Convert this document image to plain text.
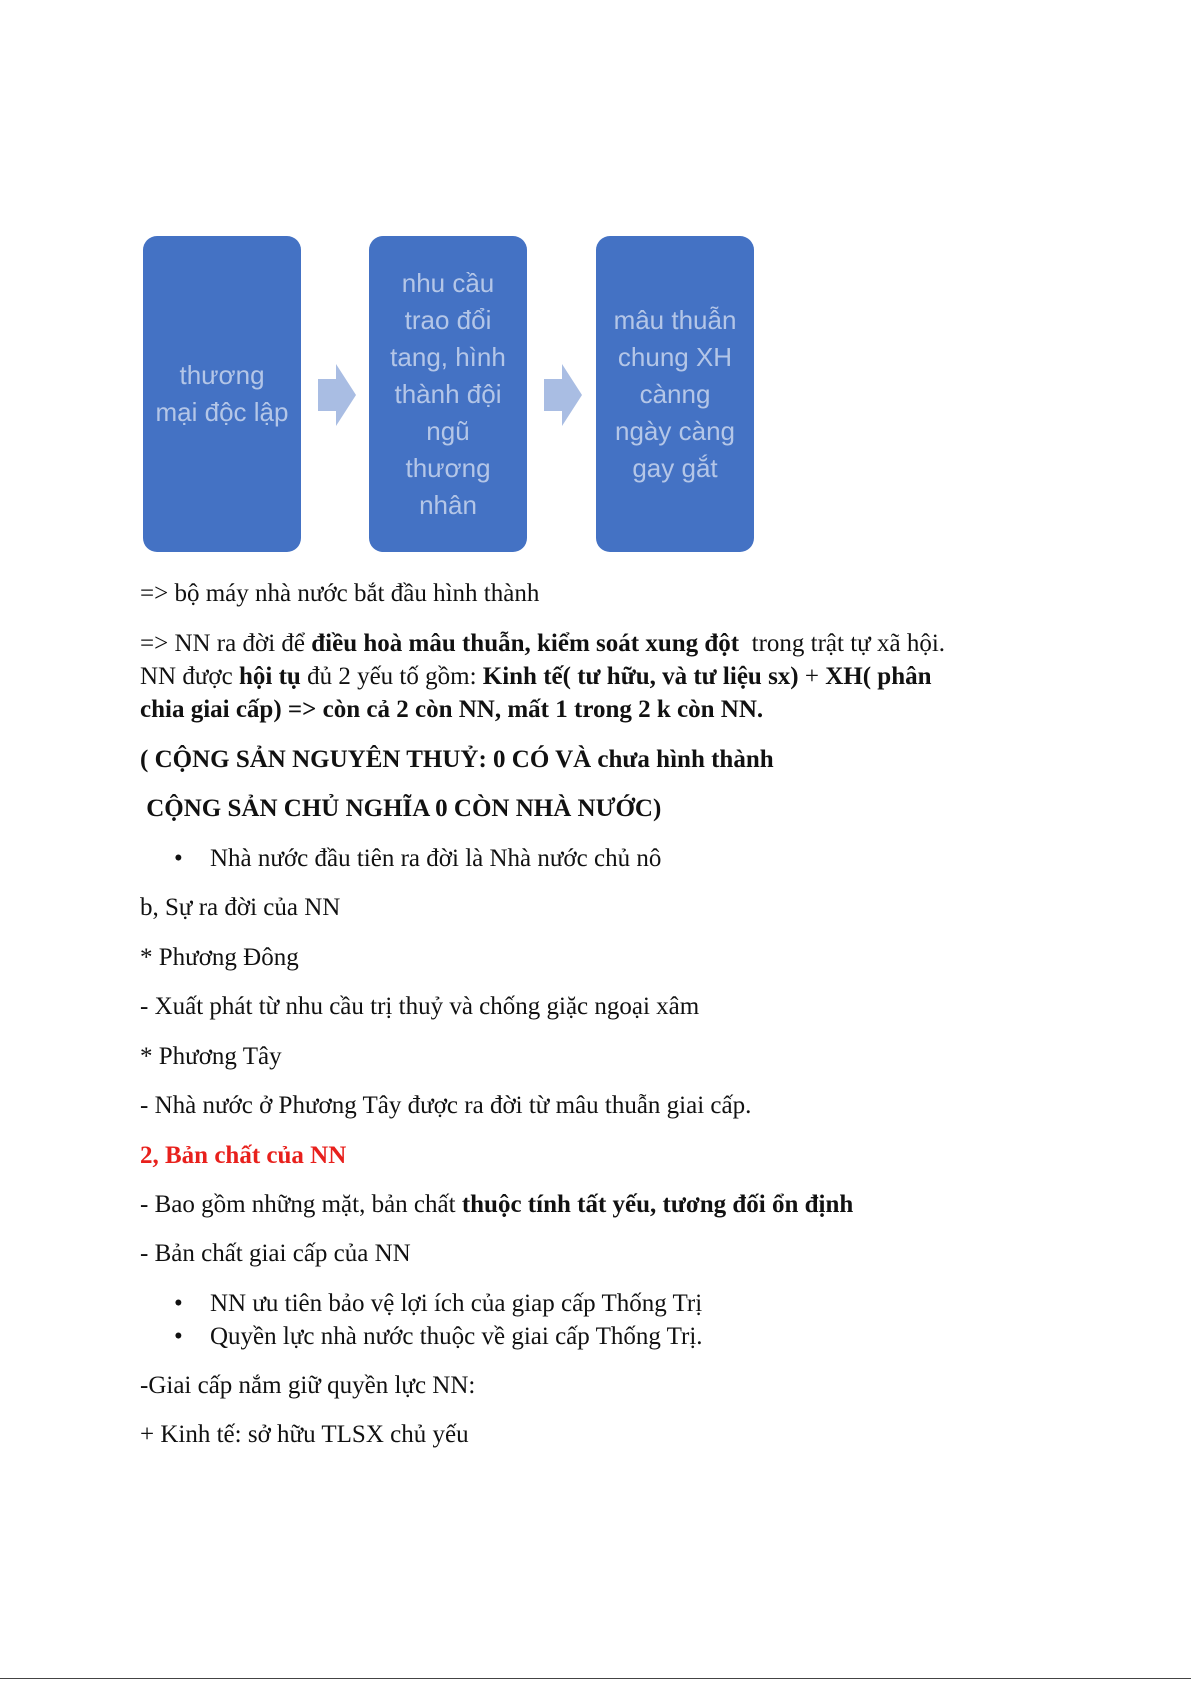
thương mại độc lập
nhu cầu trao đổi tang, hình thành đội ngũ thương nhân
mâu thuẫn chung XH cànng ngày càng gay gắt
=> bộ máy nhà nước bắt đầu hình thành
=> NN ra đời để điều hoà mâu thuẫn, kiểm soát xung đột  trong trật tự xã hội.
NN được hội tụ đủ 2 yếu tố gồm: Kinh tế( tư hữu, và tư liệu sx) + XH( phân
chia giai cấp) => còn cả 2 còn NN, mất 1 trong 2 k còn NN.
( CỘNG SẢN NGUYÊN THUỶ: 0 CÓ VÀ chưa hình thành
CỘNG SẢN CHỦ NGHĨA 0 CÒN NHÀ NƯỚC)
• Nhà nước đầu tiên ra đời là Nhà nước chủ nô
b, Sự ra đời của NN
* Phương Đông
- Xuất phát từ nhu cầu trị thuỷ và chống giặc ngoại xâm
* Phương Tây
- Nhà nước ở Phương Tây được ra đời từ mâu thuẫn giai cấp.
2, Bản chất của NN
- Bao gồm những mặt, bản chất thuộc tính tất yếu, tương đối ổn định
- Bản chất giai cấp của NN
• NN ưu tiên bảo vệ lợi ích của giap cấp Thống Trị
• Quyền lực nhà nước thuộc về giai cấp Thống Trị.
-Giai cấp nắm giữ quyền lực NN:
+ Kinh tế: sở hữu TLSX chủ yếu
